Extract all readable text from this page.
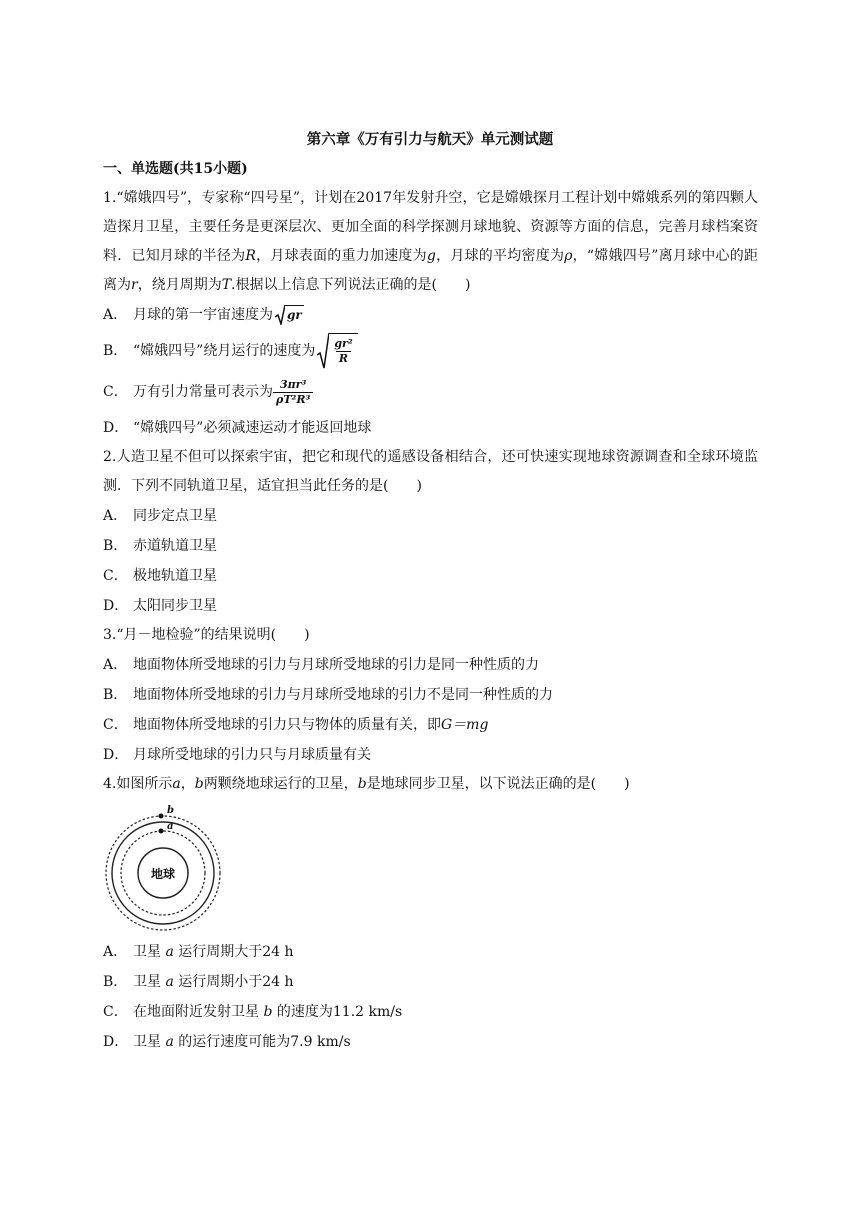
第六章《万有引力与航天》单元测试题
一、单选题(共15小题)
1.“嫦娥四号”，专家称“四号星”，计划在2017年发射升空，它是嫦娥探月工程计划中嫦娥系列的第四颗人造探月卫星，主要任务是更深层次、更加全面的科学探测月球地貌、资源等方面的信息，完善月球档案资料．已知月球的半径为R，月球表面的重力加速度为g，月球的平均密度为ρ，“嫦娥四号”离月球中心的距离为r，绕月周期为T.根据以上信息下列说法正确的是( )
A． 月球的第一宇宙速度为 gr
B． “嫦娥四号”绕月运行的速度为 $\frac{\text{gr²}}{R}$
C． 万有引力常量可表示为 $\frac{\text{3πr³}}{\text{ρT²R³}}$
D． “嫦娥四号”必须减速运动才能返回地球
2.人造卫星不但可以探索宇宙，把它和现代的遥感设备相结合，还可快速实现地球资源调查和全球环境监测．下列不同轨道卫星，适宜担当此任务的是( )
A． 同步定点卫星
B． 赤道轨道卫星
C． 极地轨道卫星
D． 太阳同步卫星
3.“月－地检验”的结果说明( )
A． 地面物体所受地球的引力与月球所受地球的引力是同一种性质的力
B． 地面物体所受地球的引力与月球所受地球的引力不是同一种性质的力
C． 地面物体所受地球的引力只与物体的质量有关，即 G＝mg
D． 月球所受地球的引力只与月球质量有关
4.如图所示a，b两颗绕地球运行的卫星，b是地球同步卫星，以下说法正确的是( )
地球
b
a
A． 卫星
a
运行周期大于24 h
B． 卫星
a
运行周期小于24 h
C． 在地面附近发射卫星
b
的速度为11.2 km/s
D． 卫星
a
的运行速度可能为7.9 km/s
